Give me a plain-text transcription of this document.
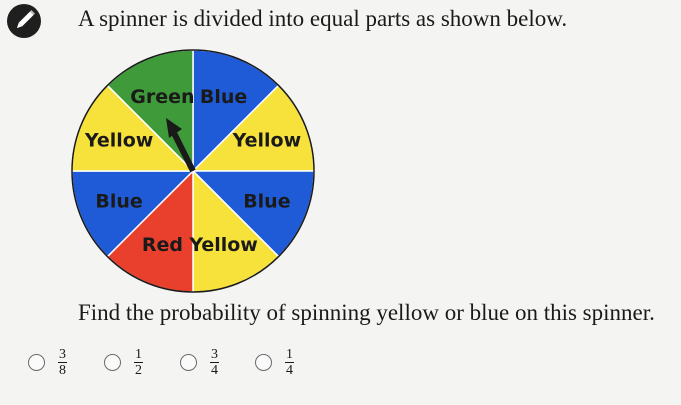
A spinner is divided into equal parts as shown below.
Blue
Yellow
Blue
Yellow
Red
Blue
Yellow
Green
Find the probability of spinning yellow or blue on this spinner.
$\frac{3}{8}$	$\frac{1}{2}$	$\frac{3}{4}$	$\frac{1}{4}$
